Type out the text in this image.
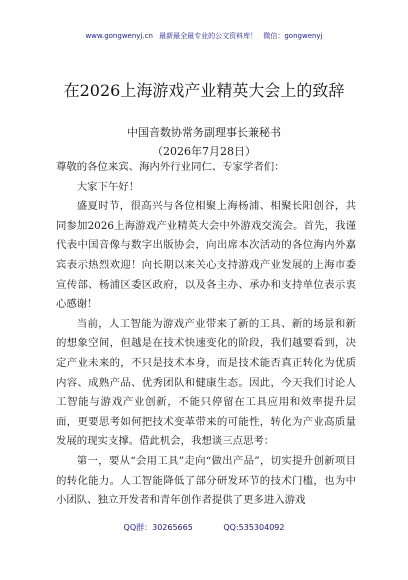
www.gongwenyj.cn 最新最全最专业的公文资料库！ 微信：gongwenyj
在2026上海游戏产业精英大会上的致辞
中国音数协常务副理事长兼秘书
（2026年7月28日）

尊敬的各位来宾、海内外行业同仁、专家学者们：

大家下午好！

盛夏时节，很高兴与各位相聚上海杨浦、相聚长阳创谷，共同参加2026上海游戏产业精英大会中外游戏交流会。首先，我谨代表中国音像与数字出版协会，向出席本次活动的各位海内外嘉宾表示热烈欢迎！向长期以来关心支持游戏产业发展的上海市委宣传部、杨浦区委区政府，以及各主办、承办和支持单位表示衷心感谢！

当前，人工智能为游戏产业带来了新的工具、新的场景和新的想象空间，但越是在技术快速变化的阶段，我们越要看到，决定产业未来的，不只是技术本身，而是技术能否真正转化为优质内容、成熟产品、优秀团队和健康生态。因此，今天我们讨论人工智能与游戏产业创新，不能只停留在工具应用和效率提升层面，更要思考如何把技术变革带来的可能性，转化为产业高质量发展的现实支撑。借此机会，我想谈三点思考：

第一，要从“会用工具”走向“做出产品”，切实提升创新项目的转化能力。人工智能降低了部分研发环节的技术门槛，也为中小团队、独立开发者和青年创作者提供了更多进入游戏

QQ群：30265665	QQ:535304092
